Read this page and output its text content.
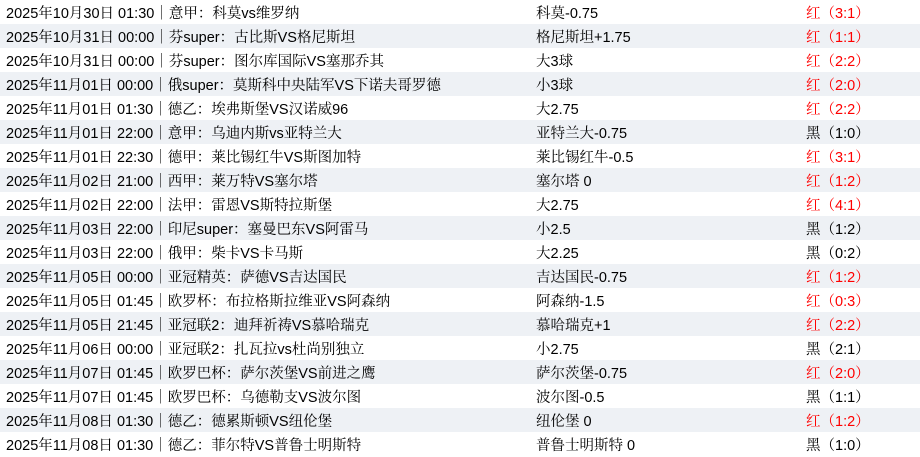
2025年10月30日 01:30｜意甲：科莫vs维罗纳	科莫-0.75	红（3:1）
2025年10月31日 00:00｜芬super：古比斯VS格尼斯坦	格尼斯坦+1.75	红（1:1）
2025年10月31日 00:00｜芬super：图尔库国际VS塞那乔其	大3球	红（2:2）
2025年11月01日 00:00｜俄super：莫斯科中央陆军VS下诺夫哥罗德	小3球	红（2:0）
2025年11月01日 01:30｜德乙：埃弗斯堡VS汉诺威96	大2.75	红（2:2）
2025年11月01日 22:00｜意甲：乌迪内斯vs亚特兰大	亚特兰大-0.75	黑（1:0）
2025年11月01日 22:30｜德甲：莱比锡红牛VS斯图加特	莱比锡红牛-0.5	红（3:1）
2025年11月02日 21:00｜西甲：莱万特VS塞尔塔	塞尔塔 0	红（1:2）
2025年11月02日 22:00｜法甲：雷恩VS斯特拉斯堡	大2.75	红（4:1）
2025年11月03日 22:00｜印尼super：塞曼巴东VS阿雷马	小2.5	黑（1:2）
2025年11月03日 22:00｜俄甲：柴卡VS卡马斯	大2.25	黑（0:2）
2025年11月05日 00:00｜亚冠精英：萨德VS吉达国民	吉达国民-0.75	红（1:2）
2025年11月05日 01:45｜欧罗杯：布拉格斯拉维亚VS阿森纳	阿森纳-1.5	红（0:3）
2025年11月05日 21:45｜亚冠联2：迪拜祈祷VS慕哈瑞克	慕哈瑞克+1	红（2:2）
2025年11月06日 00:00｜亚冠联2：扎瓦拉vs杜尚别独立	小2.75	黑（2:1）
2025年11月07日 01:45｜欧罗巴杯：萨尔茨堡VS前进之鹰	萨尔茨堡-0.75	红（2:0）
2025年11月07日 01:45｜欧罗巴杯：乌德勒支VS波尔图	波尔图-0.5	黑（1:1）
2025年11月08日 01:30｜德乙：德累斯顿VS纽伦堡	纽伦堡 0	红（1:2）
2025年11月08日 01:30｜德乙：菲尔特VS普鲁士明斯特	普鲁士明斯特 0	黑（1:0）
